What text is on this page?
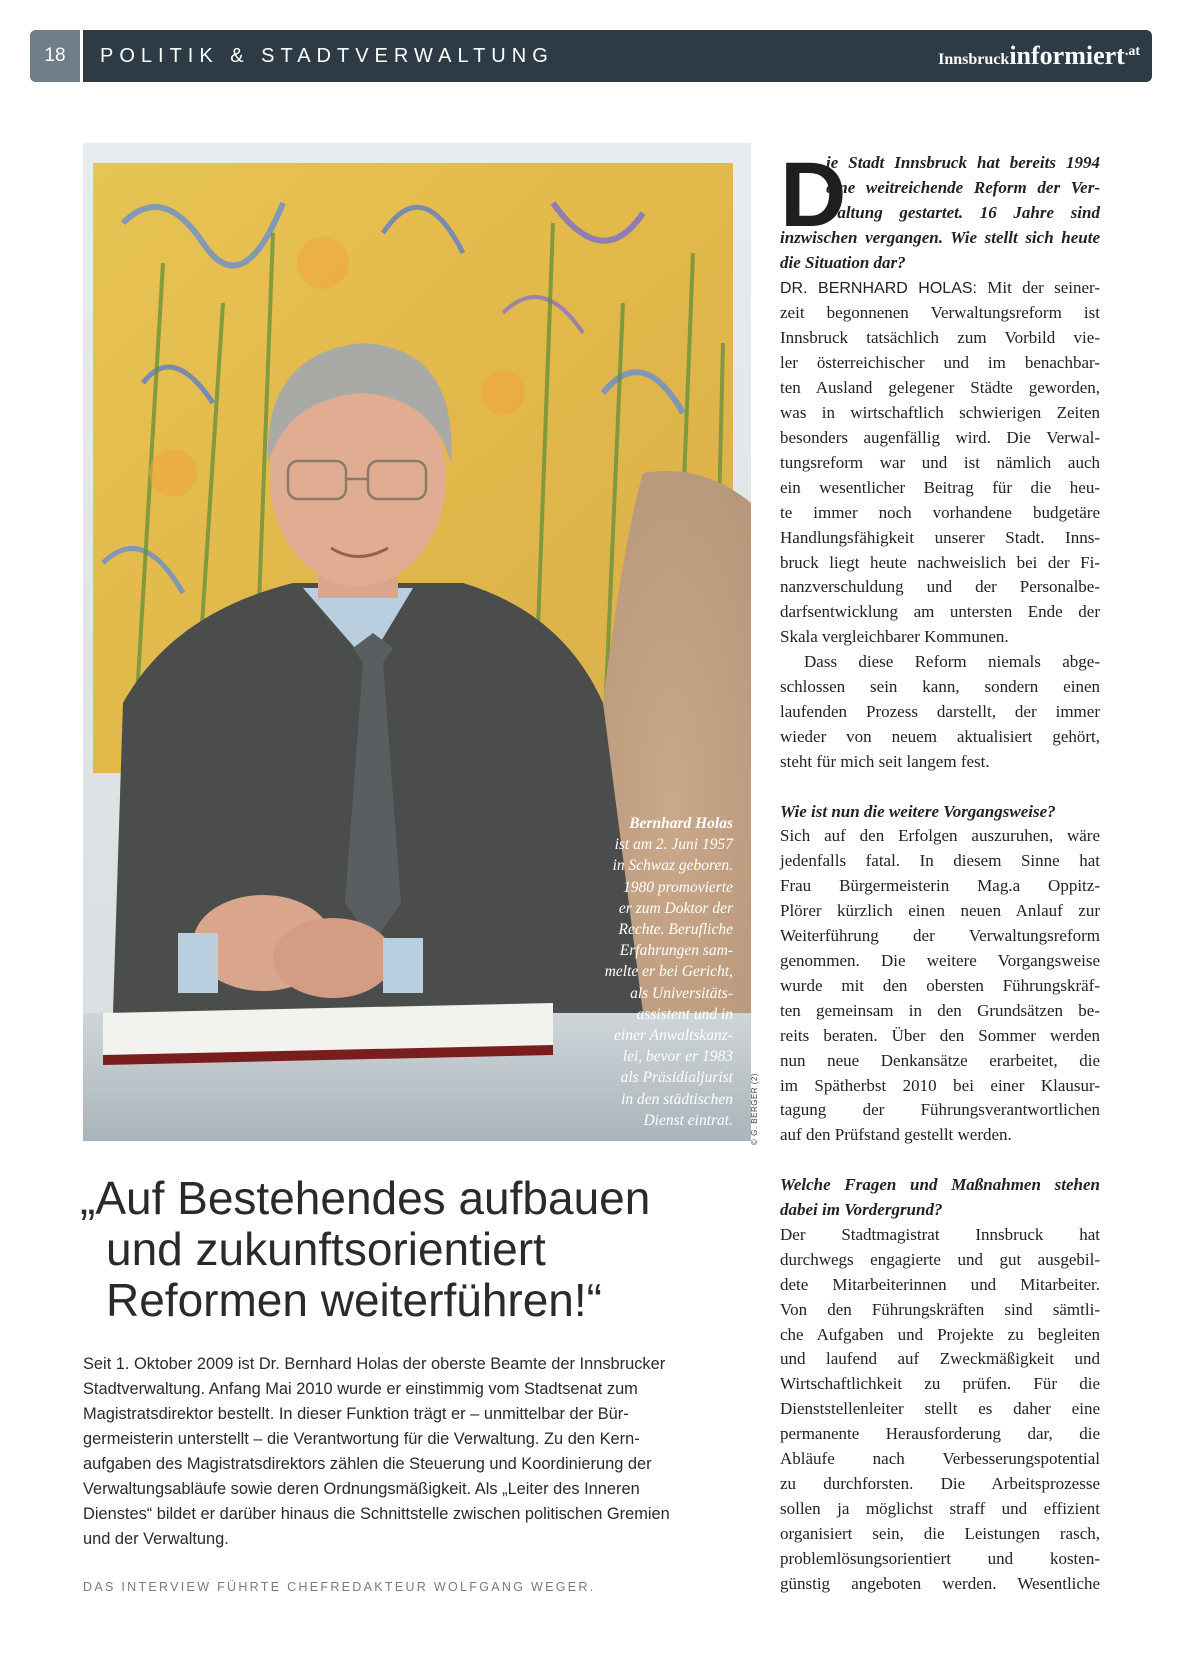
18	POLITIK & STADTVERWALTUNG	Innsbruckinformiert.at
Bernhard Holas
ist am 2. Juni 1957
in Schwaz geboren.
1980 promovierte
er zum Doktor der
Rechte. Berufliche
Erfahrungen sam-
melte er bei Gericht,
als Universitäts-
assistent und in
einer Anwaltskanz-
lei, bevor er 1983
als Präsidialjurist
in den städtischen
Dienst eintrat. © G. BERGER (2)
„Auf Bestehendes aufbauen
und zukunftsorientiert
Reformen weiterführen!“

Seit 1. Oktober 2009 ist Dr. Bernhard Holas der oberste Beamte der Innsbrucker
Stadtverwaltung. Anfang Mai 2010 wurde er einstimmig vom Stadtsenat zum
Magistratsdirektor bestellt. In dieser Funktion trägt er – unmittelbar der Bür-
germeisterin unterstellt – die Verantwortung für die Verwaltung. Zu den Kern-
aufgaben des Magistratsdirektors zählen die Steuerung und Koordinierung der
Verwaltungsabläufe sowie deren Ordnungsmäßigkeit. Als „Leiter des Inneren
Dienstes“ bildet er darüber hinaus die Schnittstelle zwischen politischen Gremien
und der Verwaltung.

DAS INTERVIEW FÜHRTE CHEFREDAKTEUR WOLFGANG WEGER.

D
ie Stadt Innsbruck hat bereits 1994
eine weitreichende Reform der Ver-
waltung gestartet. 16 Jahre sind
inzwischen vergangen. Wie stellt sich heute
die Situation dar?

DR. BERNHARD HOLAS: Mit der seiner-
zeit begonnenen Verwaltungsreform ist
Innsbruck tatsächlich zum Vorbild vie-
ler österreichischer und im benachbar-
ten Ausland gelegener Städte geworden,
was in wirtschaftlich schwierigen Zeiten
besonders augenfällig wird. Die Verwal-
tungsreform war und ist nämlich auch
ein wesentlicher Beitrag für die heu-
te immer noch vorhandene budgetäre
Handlungsfähigkeit unserer Stadt. Inns-
bruck liegt heute nachweislich bei der Fi-
nanzverschuldung und der Personalbe-
darfsentwicklung am untersten Ende der
Skala vergleichbarer Kommunen.

Dass diese Reform niemals abge-
schlossen sein kann, sondern einen
laufenden Prozess darstellt, der immer
wieder von neuem aktualisiert gehört,
steht für mich seit langem fest.

Wie ist nun die weitere Vorgangsweise?

Sich auf den Erfolgen auszuruhen, wäre
jedenfalls fatal. In diesem Sinne hat
Frau Bürgermeisterin Mag.a Oppitz-
Plörer kürzlich einen neuen Anlauf zur
Weiterführung der Verwaltungsreform
genommen. Die weitere Vorgangsweise
wurde mit den obersten Führungskräf-
ten gemeinsam in den Grundsätzen be-
reits beraten. Über den Sommer werden
nun neue Denkansätze erarbeitet, die
im Spätherbst 2010 bei einer Klausur-
tagung der Führungsverantwortlichen
auf den Prüfstand gestellt werden.

Welche Fragen und Maßnahmen stehen
dabei im Vordergrund?

Der Stadtmagistrat Innsbruck hat
durchwegs engagierte und gut ausgebil-
dete Mitarbeiterinnen und Mitarbeiter.
Von den Führungskräften sind sämtli-
che Aufgaben und Projekte zu begleiten
und laufend auf Zweckmäßigkeit und
Wirtschaftlichkeit zu prüfen. Für die
Dienststellenleiter stellt es daher eine
permanente Herausforderung dar, die
Abläufe nach Verbesserungspotential
zu durchforsten. Die Arbeitsprozesse
sollen ja möglichst straff und effizient
organisiert sein, die Leistungen rasch,
problemlösungsorientiert und kosten-
günstig angeboten werden. Wesentliche
